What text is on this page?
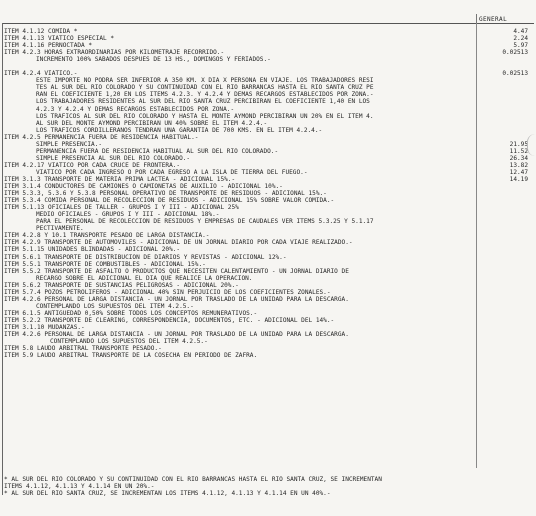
GENERAL
ITEM 4.1.12 COMIDA *
ITEM 4.1.13 VIATICO ESPECIAL *
ITEM 4.1.16 PERNOCTADA *
ITEM 4.2.3 HORAS EXTRAORDINARIAS POR KILOMETRAJE RECORRIDO.-
INCREMENTO 100% SABADOS DESPUES DE 13 HS., DOMINGOS Y FERIADOS.-
ITEM 4.2.4 VIATICO.-
ESTE IMPORTE NO PODRA SER INFERIOR A 350 KM. X DIA X PERSONA EN VIAJE. LOS TRABAJADORES RESI
TES AL SUR DEL RIO COLORADO Y SU CONTINUIDAD CON EL RIO BARRANCAS HASTA EL RIO SANTA CRUZ PE
RAN EL COEFICIENTE 1,20 EN LOS ITEMS 4.2.3. Y 4.2.4 Y DEMAS RECARGOS ESTABLECIDOS POR ZONA.-
LOS TRABAJADORES RESIDENTES AL SUR DEL RIO SANTA CRUZ PERCIBIRAN EL COEFICIENTE 1,40 EN LOS
4.2.3 Y 4.2.4 Y DEMAS RECARGOS ESTABLECIDOS POR ZONA.-
LOS TRAFICOS AL SUR DEL RIO COLORADO Y HASTA EL MONTE AYMOND PERCIBIRAN UN 20% EN EL ITEM 4.
AL SUR DEL MONTE AYMOND PERCIBIRAN UN 40% SOBRE EL ITEM 4.2.4.-
LOS TRAFICOS CORDILLERANOS TENDRAN UNA GARANTIA DE 700 KMS. EN EL ITEM 4.2.4.-
ITEM 4.2.5 PERMANENCIA FUERA DE RESIDENCIA HABITUAL.-
SIMPLE PRESENCIA.-
PERMANENCIA FUERA DE RESIDENCIA HABITUAL AL SUR DEL RIO COLORADO.-
SIMPLE PRESENCIA AL SUR DEL RIO COLORADO.-
ITEM 4.2.17 VIATICO POR CADA CRUCE DE FRONTERA.-
VIATICO POR CADA INGRESO O POR CADA EGRESO A LA ISLA DE TIERRA DEL FUEGO.-
ITEM 3.1.3 TRANSPORTE DE MATERIA PRIMA LACTEA - ADICIONAL 15%.-
ITEM 3.1.4 CONDUCTORES DE CAMIONES O CAMIONETAS DE AUXILIO - ADICIONAL 10%.-
ITEM 5.3.3, 5.3.6 Y 5.3.8 PERSONAL OPERATIVO DE TRANSPORTE DE RESIDUOS - ADICIONAL 15%.-
ITEM 5.3.4 COMIDA PERSONAL DE RECOLECCION DE RESIDUOS - ADICIONAL 15% SOBRE VALOR COMIDA.-
ITEM 5.1.13 OFICIALES DE TALLER - GRUPOS I Y III - ADICIONAL 25%
MEDIO OFICIALES - GRUPOS I Y III - ADICIONAL 18%.-
PARA EL PERSONAL DE RECOLECCION DE RESIDUOS Y EMPRESAS DE CAUDALES VER ITEMS 5.3.25 Y 5.1.17
PECTIVAMENTE.
ITEM 4.2.8 Y 10.1 TRANSPORTE PESADO DE LARGA DISTANCIA.-
ITEM 4.2.9 TRANSPORTE DE AUTOMOVILES - ADICIONAL DE UN JORNAL DIARIO POR CADA VIAJE REALIZADO.-
ITEM 5.1.15 UNIDADES BLINDADAS - ADICIONAL 20%.-
ITEM 5.6.1 TRANSPORTE DE DISTRIBUCION DE DIARIOS Y REVISTAS - ADICIONAL 12%.-
ITEM 5.5.1 TRANSPORTE DE COMBUSTIBLES - ADICIONAL 15%.-
ITEM 5.5.2 TRANSPORTE DE ASFALTO O PRODUCTOS QUE NECESITEN CALENTAMIENTO - UN JORNAL DIARIO DE
RECARGO SOBRE EL ADICIONAL EL DIA QUE REALICE LA OPERACION.
ITEM 5.6.2 TRANSPORTE DE SUSTANCIAS PELIGROSAS - ADICIONAL 20%.-
ITEM 5.7.4 POZOS PETROLIFEROS - ADICIONAL 40% SIN PERJUICIO DE LOS COEFICIENTES ZONALES.-
ITEM 4.2.6 PERSONAL DE LARGA DISTANCIA - UN JORNAL POR TRASLADO DE LA UNIDAD PARA LA DESCARGA.
CONTEMPLANDO LOS SUPUESTOS DEL ITEM 4.2.5.-
ITEM 6.1.5 ANTIGUEDAD 0,50% SOBRE TODOS LOS CONCEPTOS REMUNERATIVOS.-
ITEM 5.2.2 TRANSPORTE DE CLEARING, CORRESPONDENCIA, DOCUMENTOS, ETC. - ADICIONAL DEL 14%.-
ITEM 3.1.10 MUDANZAS.-
ITEM 4.2.6 PERSONAL DE LARGA DISTANCIA - UN JORNAL POR TRASLADO DE LA UNIDAD PARA LA DESCARGA.
CONTEMPLANDO LOS SUPUESTOS DEL ITEM 4.2.5.-
ITEM 5.8 LAUDO ARBITRAL TRANSPORTE PESADO.-
ITEM 5.9 LAUDO ARBITRAL TRANSPORTE DE LA COSECHA EN PERIODO DE ZAFRA.
4.47
2.24
5.97
0.02513
0.02513
21.95
11.52
26.34
13.82
12.47
14.19
* AL SUR DEL RIO COLORADO Y SU CONTINUIDAD CON EL RIO BARRANCAS HASTA EL RIO SANTA CRUZ, SE INCREMENTAN
ITEMS 4.1.12, 4.1.13 Y 4.1.14 EN UN 20%.-
* AL SUR DEL RIO SANTA CRUZ, SE INCREMENTAN LOS ITEMS 4.1.12, 4.1.13 Y 4.1.14 EN UN 40%.-
